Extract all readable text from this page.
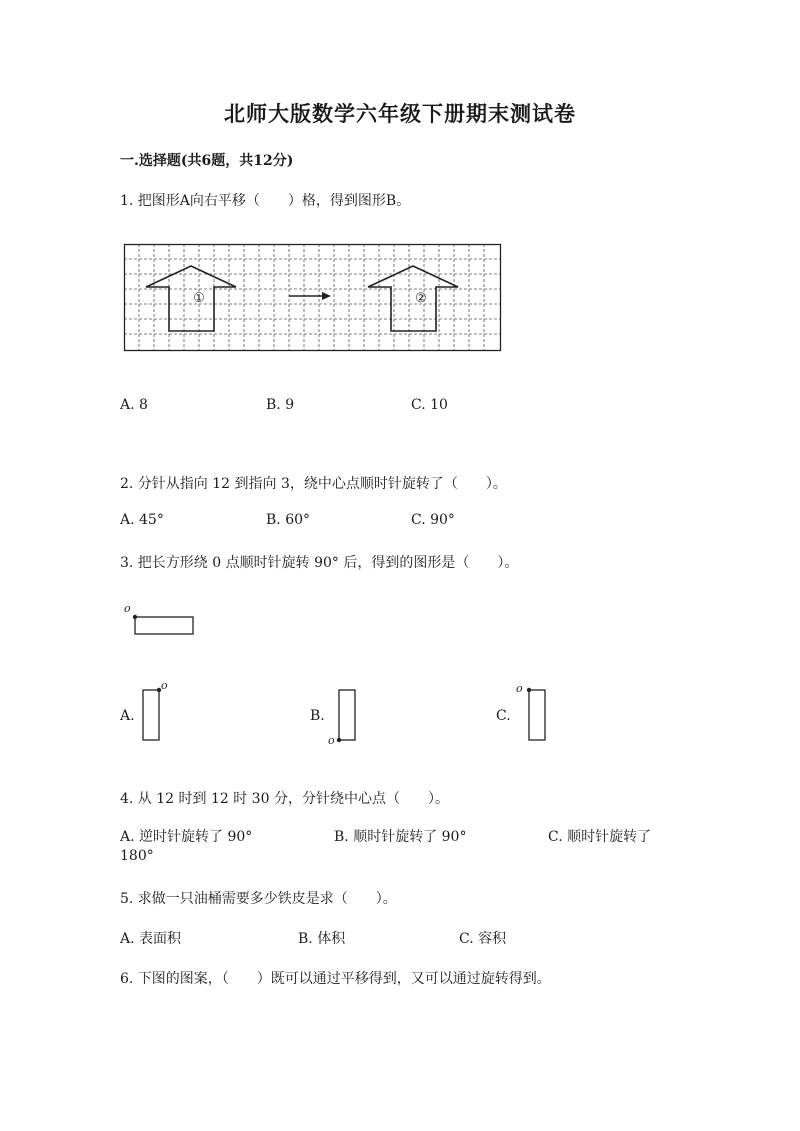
北师大版数学六年级下册期末测试卷
一.选择题(共6题，共12分)
1. 把图形A向右平移（　　）格，得到图形B。
①	②
A. 8	B. 9	C. 10
2. 分针从指向 12 到指向 3，绕中心点顺时针旋转了（　　）。
A. 45°	B. 60°	C. 90°
3. 把长方形绕 0 点顺时针旋转 90° 后，得到的图形是（　　）。
o
A.
o
B.
o
C.
o
4. 从 12 时到 12 时 30 分，分针绕中心点（　　）。
A. 逆时针旋转了 90°	B. 顺时针旋转了 90°	C. 顺时针旋转了
180°
5. 求做一只油桶需要多少铁皮是求（　　）。
A. 表面积	B. 体积	C. 容积
6. 下图的图案，（　　）既可以通过平移得到，又可以通过旋转得到。
